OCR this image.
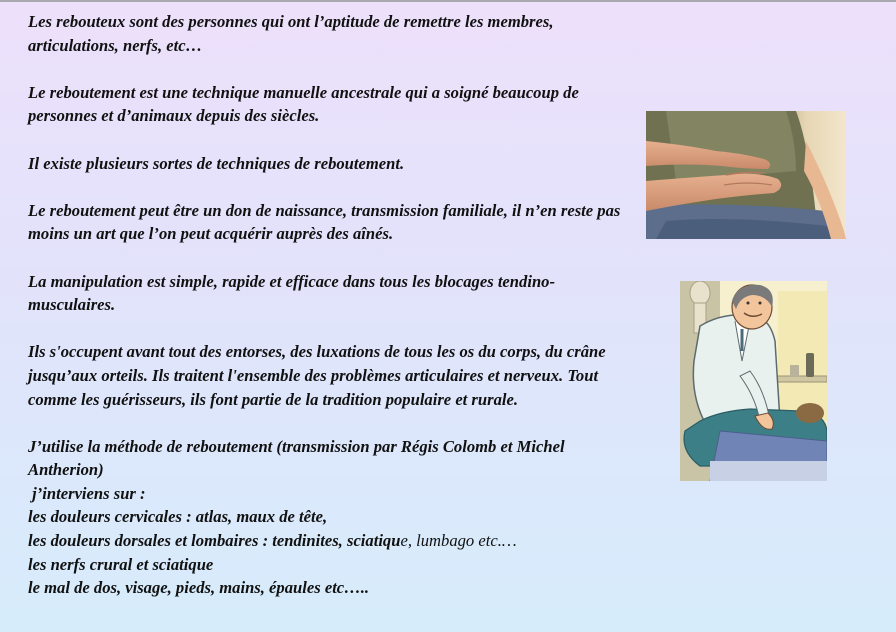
Les rebouteux sont des personnes qui ont l’aptitude de remettre les membres, articulations, nerfs, etc…

Le reboutement est une technique manuelle ancestrale qui a soigné beaucoup de personnes et d’animaux depuis des siècles.

Il existe plusieurs sortes de techniques de reboutement.

Le reboutement peut être un don de naissance, transmission familiale, il n’en reste pas moins un art que l’on peut acquérir auprès des aînés.

La manipulation est simple, rapide et efficace dans tous les blocages tendino-musculaires.

Ils s'occupent avant tout des entorses, des luxations de tous les os du corps, du crâne jusqu’aux orteils. Ils traitent l'ensemble des problèmes articulaires et nerveux. Tout comme les guérisseurs, ils font partie de la tradition populaire et rurale.

J’utilise la méthode de reboutement (transmission par Régis Colomb et Michel Antherion)
j’interviens sur :
les douleurs cervicales : atlas, maux de tête,
les douleurs dorsales et lombaires : tendinites, sciatique, lumbago etc.…
les nerfs crural et sciatique
le mal de dos, visage, pieds, mains, épaules etc…..
